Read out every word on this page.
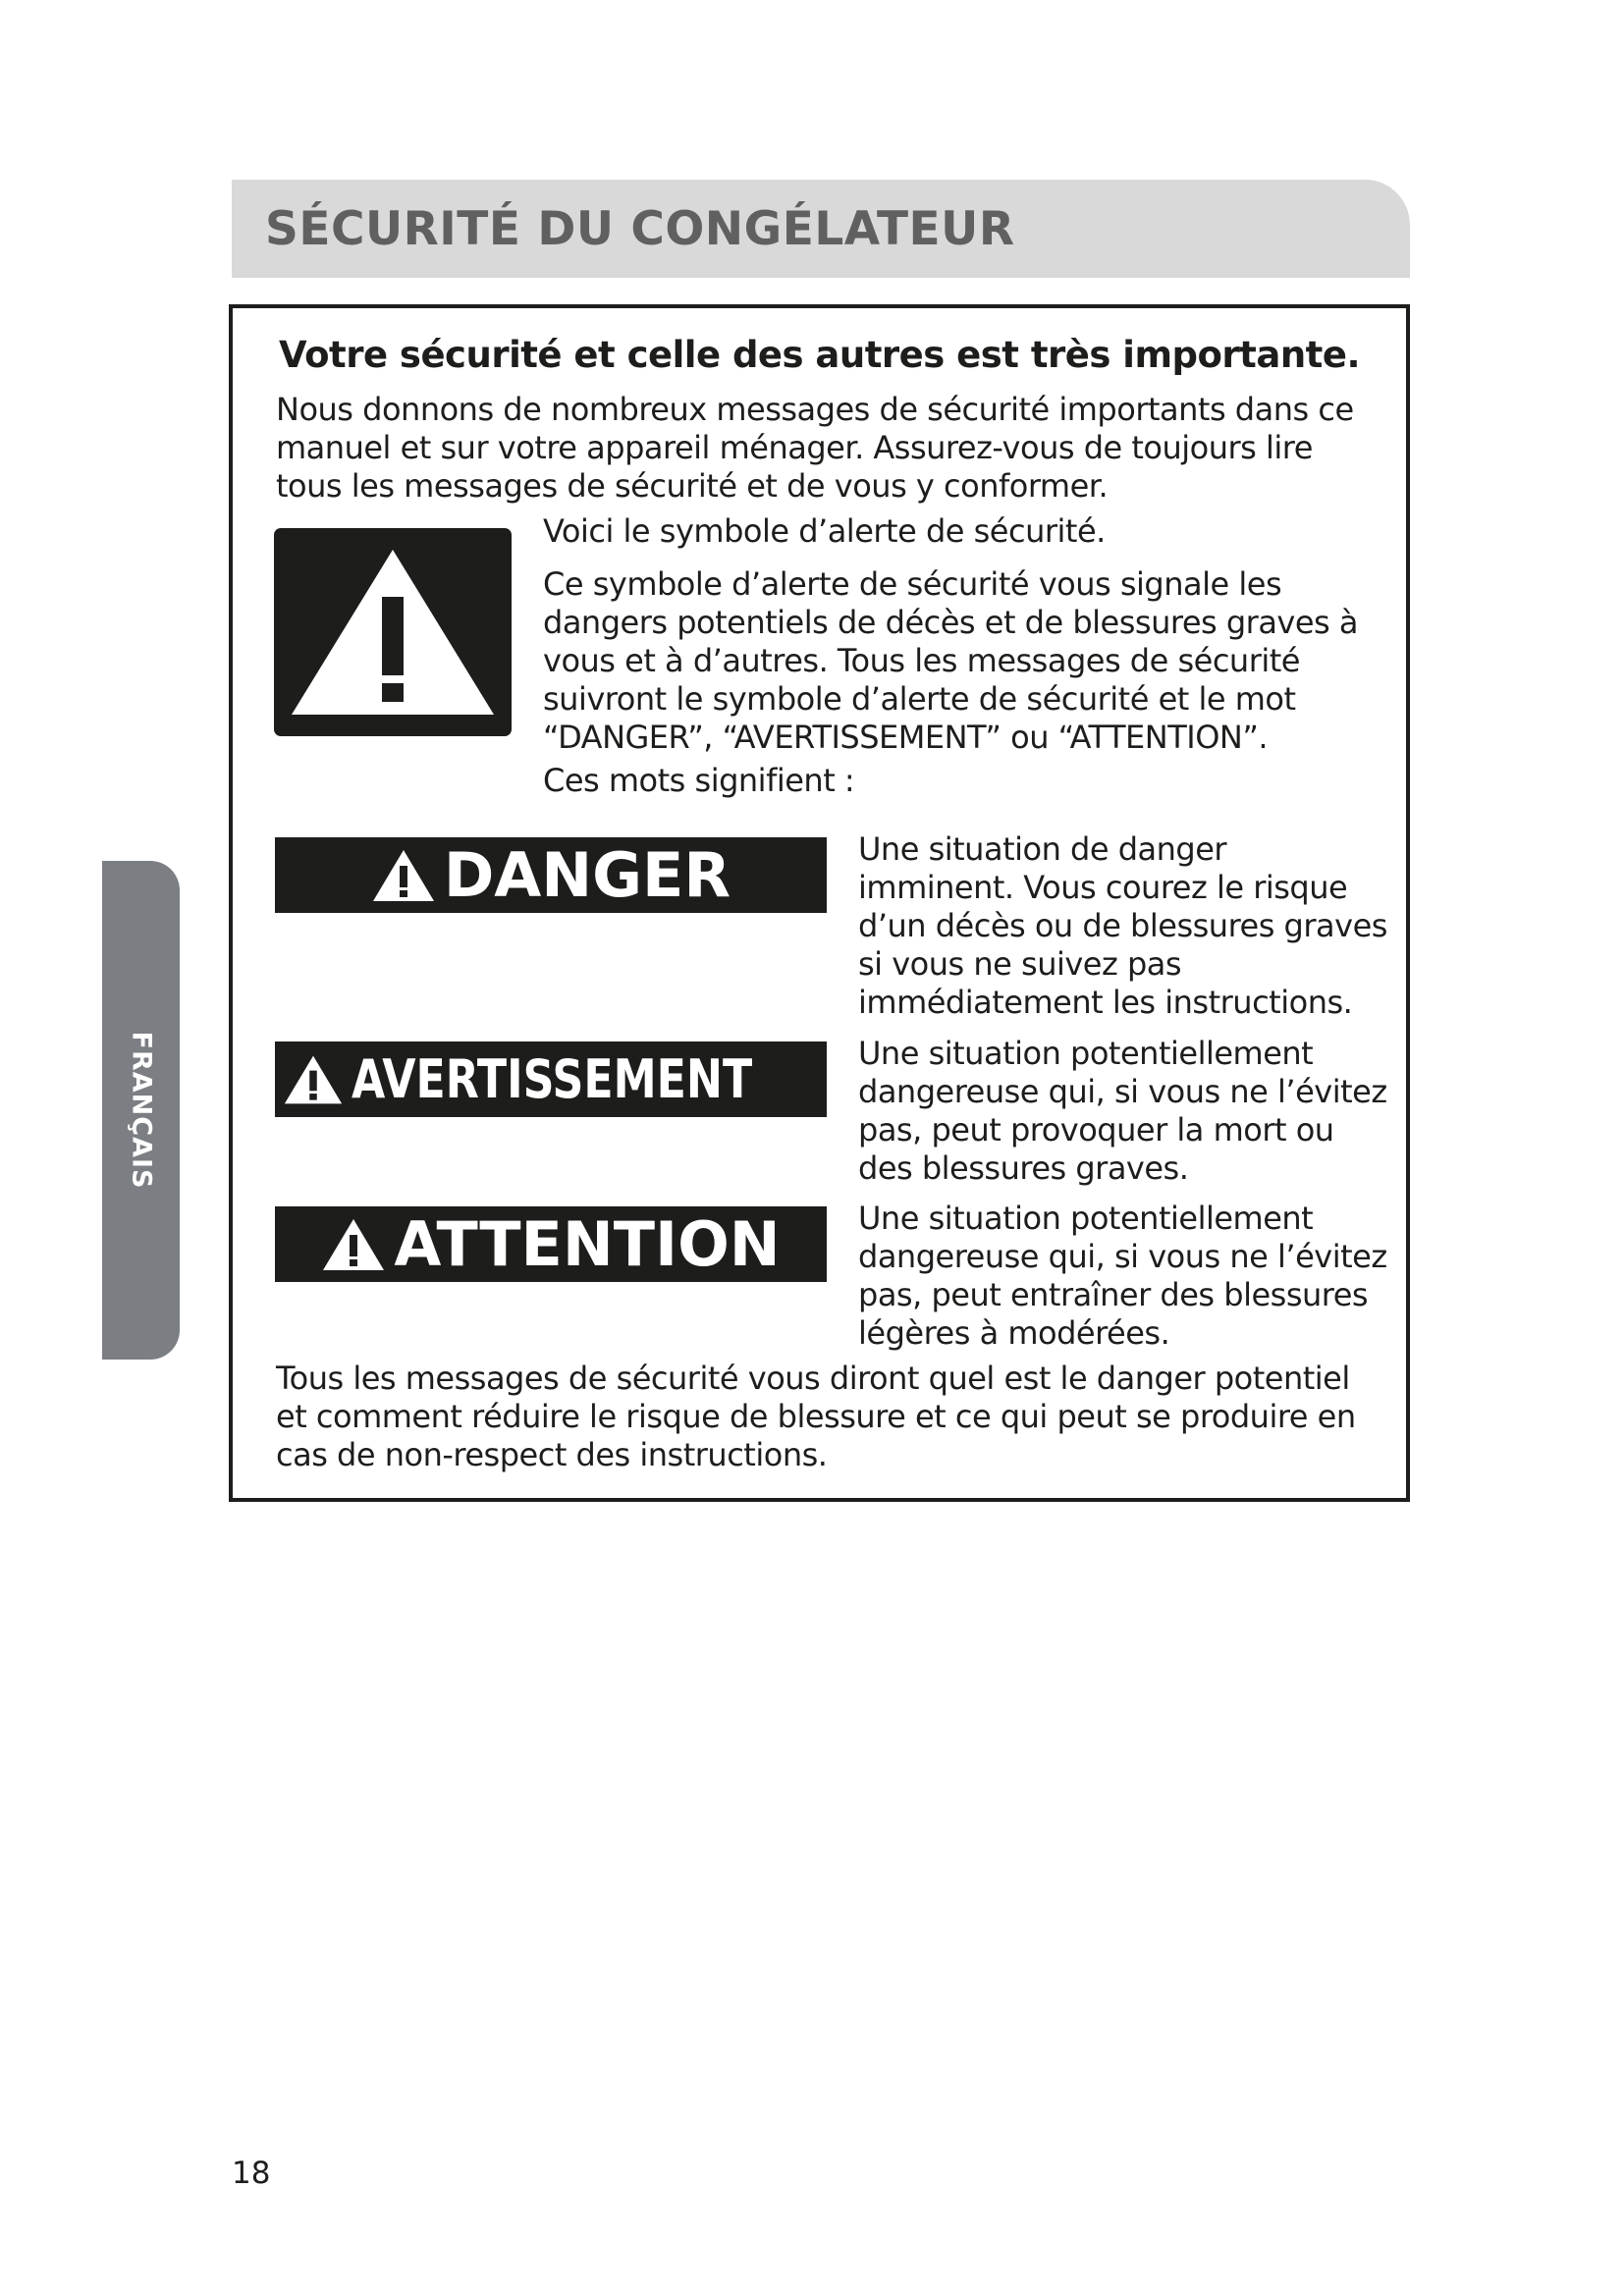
SÉCURITÉ DU CONGÉLATEUR
FRANÇAIS
Votre sécurité et celle des autres est très importante.
Nous donnons de nombreux messages de sécurité importants dans ce manuel et sur votre appareil ménager. Assurez-vous de toujours lire tous les messages de sécurité et de vous y conformer.
Voici le symbole d’alerte de sécurité.
Ce symbole d’alerte de sécurité vous signale les dangers potentiels de décès et de blessures graves à vous et à d’autres. Tous les messages de sécurité suivront le symbole d’alerte de sécurité et le mot “DANGER”, “AVERTISSEMENT” ou “ATTENTION”.
Ces mots signifient :
DANGER	Une situation de danger imminent. Vous courez le risque d’un décès ou de blessures graves si vous ne suivez pas immédiatement les instructions.
AVERTISSEMENT	Une situation potentiellement dangereuse qui, si vous ne l’évitez pas, peut provoquer la mort ou des blessures graves.
ATTENTION Une situation potentiellement dangereuse qui, si vous ne l’évitez pas, peut entraîner des blessures légères à modérées.
Tous les messages de sécurité vous diront quel est le danger potentiel et comment réduire le risque de blessure et ce qui peut se produire en cas de non-respect des instructions.
18
